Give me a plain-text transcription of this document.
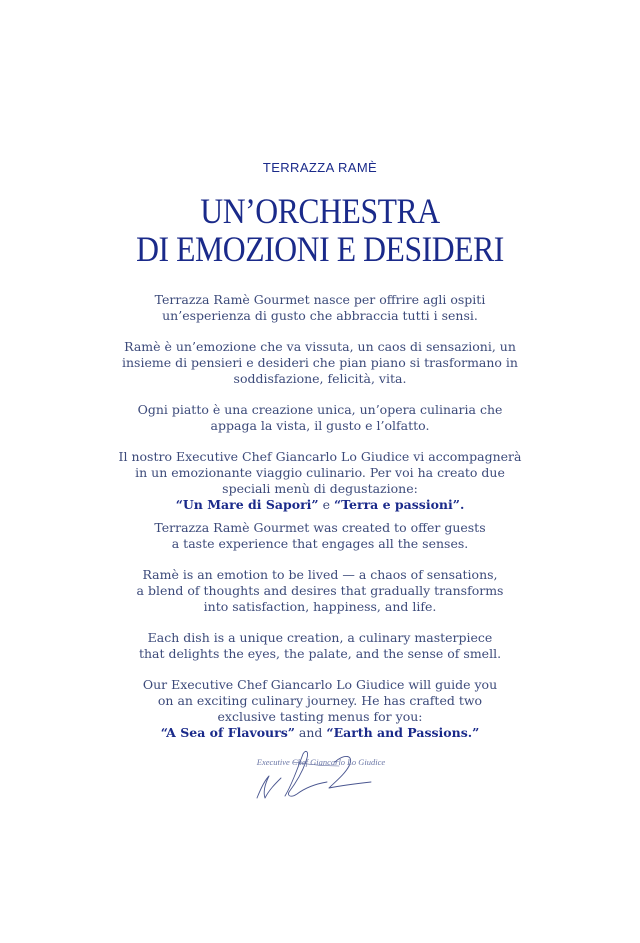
TERRAZZA RAMÈ
UN’ORCHESTRA
DI EMOZIONI E DESIDERI

Terrazza Ramè Gourmet nasce per offrire agli ospiti
un’esperienza di gusto che abbraccia tutti i sensi.

Ramè è un’emozione che va vissuta, un caos di sensazioni, un
insieme di pensieri e desideri che pian piano si trasformano in
soddisfazione, felicità, vita.

Ogni piatto è una creazione unica, un’opera culinaria che
appaga la vista, il gusto e l’olfatto.

Il nostro Executive Chef Giancarlo Lo Giudice vi accompagnerà
in un emozionante viaggio culinario. Per voi ha creato due
speciali menù di degustazione:
“Un Mare di Sapori” e “Terra e passioni”.

Terrazza Ramè Gourmet was created to offer guests
a taste experience that engages all the senses.

Ramè is an emotion to be lived — a chaos of sensations,
a blend of thoughts and desires that gradually transforms
into satisfaction, happiness, and life.

Each dish is a unique creation, a culinary masterpiece
that delights the eyes, the palate, and the sense of smell.

Our Executive Chef Giancarlo Lo Giudice will guide you
on an exciting culinary journey. He has crafted two
exclusive tasting menus for you:
“A Sea of Flavours” and “Earth and Passions.”

Executive Chef Giancarlo Lo Giudice
